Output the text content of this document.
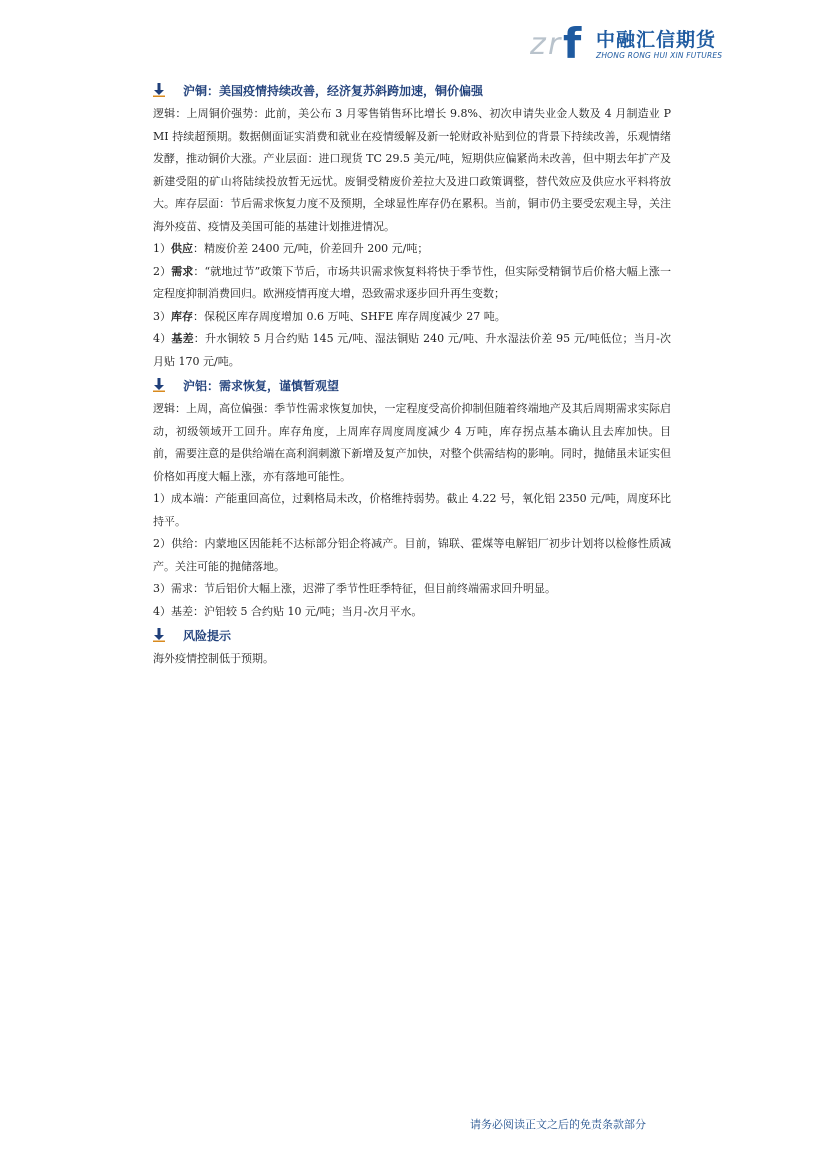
z r f 中融汇信期货
ZHONG RONG HUI XIN FUTURES
沪铜：美国疫情持续改善，经济复苏斜跨加速，铜价偏强

逻辑：上周铜价强势：此前，美公布 3 月零售销售环比增长 9.8%、初次申请失业金人数及 4 月制造业 PMI 持续超预期。数据侧面证实消费和就业在疫情缓解及新一轮财政补贴到位的背景下持续改善，乐观情绪发酵，推动铜价大涨。产业层面：进口现货 TC 29.5 美元/吨，短期供应偏紧尚未改善，但中期去年扩产及新建受阻的矿山将陆续投放暂无远忧。废铜受精废价差拉大及进口政策调整，替代效应及供应水平料将放大。库存层面：节后需求恢复力度不及预期，全球显性库存仍在累积。当前，铜市仍主要受宏观主导，关注海外疫苗、疫情及美国可能的基建计划推进情况。

1）供应：精废价差 2400 元/吨，价差回升 200 元/吨；

2）需求：“就地过节”政策下节后，市场共识需求恢复料将快于季节性，但实际受精铜节后价格大幅上涨一定程度抑制消费回归。欧洲疫情再度大增，恐致需求逐步回升再生变数；

3）库存：保税区库存周度增加 0.6 万吨、SHFE 库存周度减少 27 吨。

4）基差：升水铜较 5 月合约贴 145 元/吨、湿法铜贴 240 元/吨、升水湿法价差 95 元/吨低位；当月-次月贴 170 元/吨。

沪铝：需求恢复，谨慎暂观望

逻辑：上周，高位偏强：季节性需求恢复加快，一定程度受高价抑制但随着终端地产及其后周期需求实际启动，初级领域开工回升。库存角度，上周库存周度周度减少 4 万吨，库存拐点基本确认且去库加快。目前，需要注意的是供给端在高利润刺激下新增及复产加快，对整个供需结构的影响。同时，抛储虽未证实但价格如再度大幅上涨，亦有落地可能性。

1）成本端：产能重回高位，过剩格局未改，价格维持弱势。截止 4.22 号，氧化铝 2350 元/吨，周度环比持平。

2）供给：内蒙地区因能耗不达标部分铝企将减产。目前，锦联、霍煤等电解铝厂初步计划将以检修性质减产。关注可能的抛储落地。

3）需求：节后铝价大幅上涨，迟滞了季节性旺季特征，但目前终端需求回升明显。

4）基差：沪铝较 5 合约贴 10 元/吨；当月-次月平水。

风险提示

海外疫情控制低于预期。

请务必阅读正文之后的免责条款部分
